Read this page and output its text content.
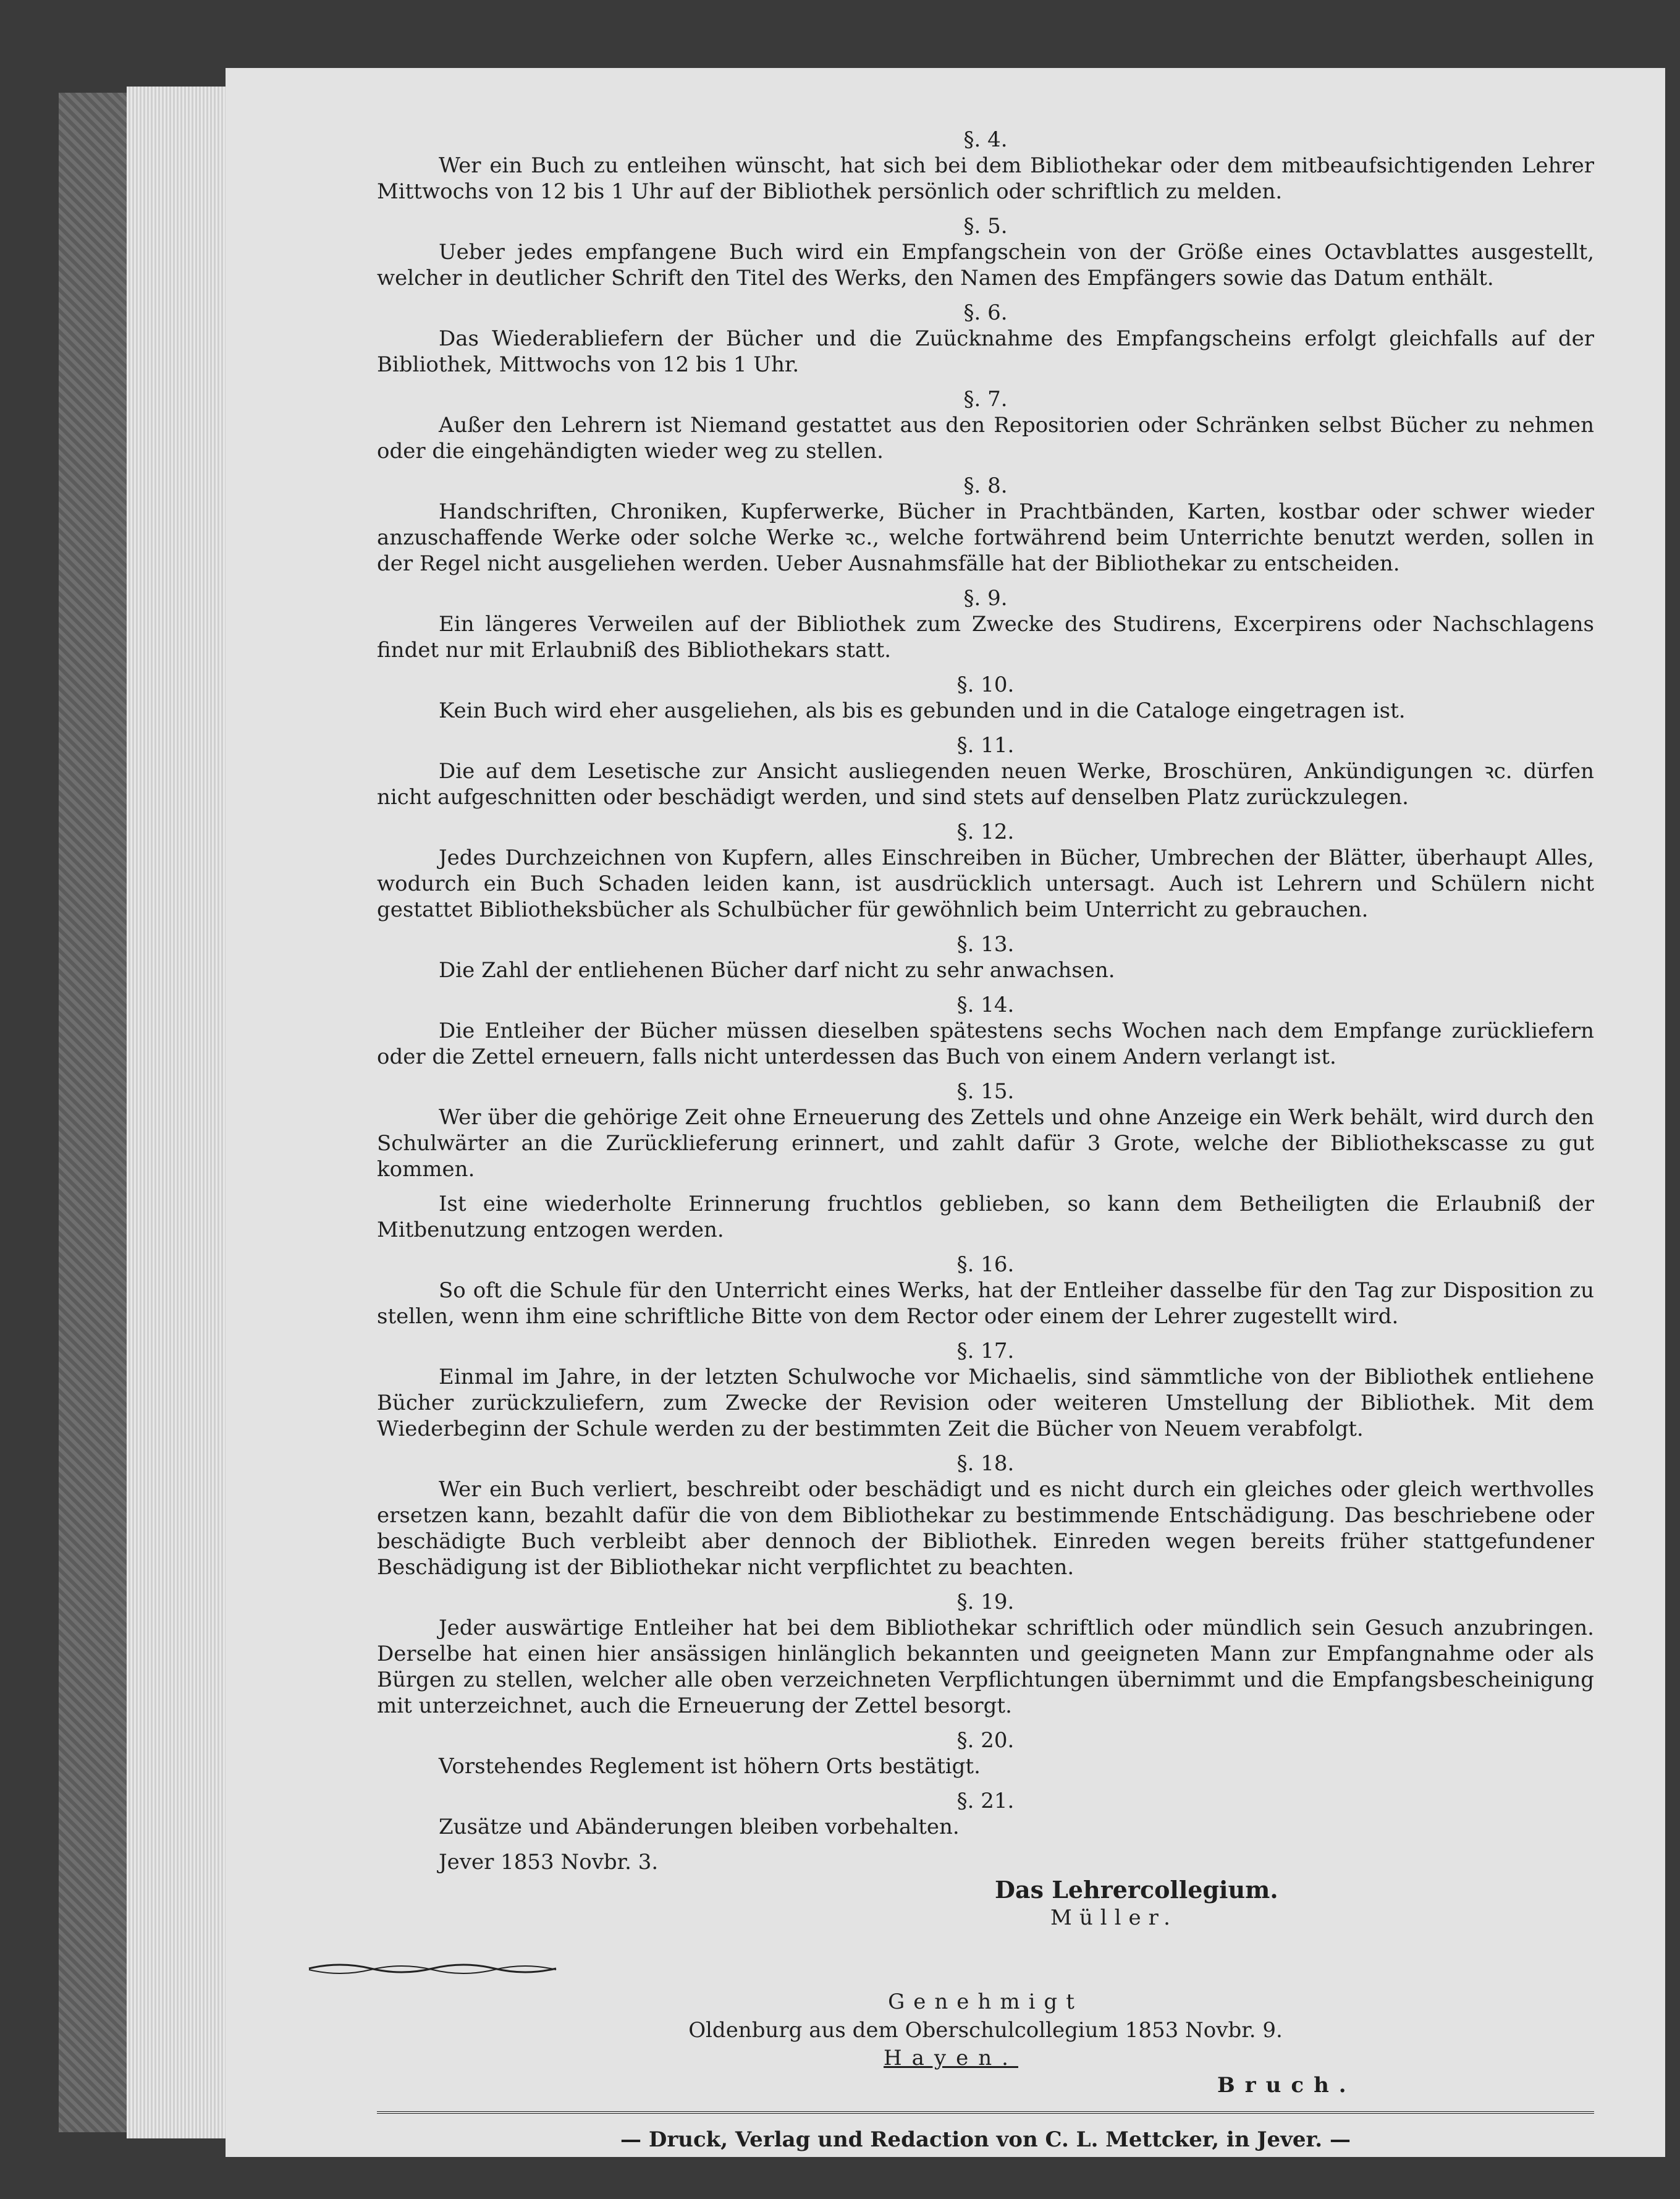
§. 4.

Wer ein Buch zu entleihen wünscht, hat sich bei dem Bibliothekar oder dem mitbeaufsichtigenden Lehrer Mittwochs von 12 bis 1 Uhr auf der Bibliothek persönlich oder schriftlich zu melden.

§. 5.

Ueber jedes empfangene Buch wird ein Empfangschein von der Größe eines Octavblattes ausgestellt, welcher in deutlicher Schrift den Titel des Werks, den Namen des Empfängers sowie das Datum enthält.

§. 6.

Das Wiederabliefern der Bücher und die Zuücknahme des Empfangscheins erfolgt gleichfalls auf der Bibliothek, Mittwochs von 12 bis 1 Uhr.

§. 7.

Außer den Lehrern ist Niemand gestattet aus den Repositorien oder Schränken selbst Bücher zu nehmen oder die eingehändigten wieder weg zu stellen.

§. 8.

Handschriften, Chroniken, Kupferwerke, Bücher in Prachtbänden, Karten, kostbar oder schwer wieder anzuschaffende Werke oder solche Werke ꝛc., welche fortwährend beim Unterrichte benutzt werden, sollen in der Regel nicht ausgeliehen werden. Ueber Ausnahmsfälle hat der Bibliothekar zu entscheiden.

§. 9.

Ein längeres Verweilen auf der Bibliothek zum Zwecke des Studirens, Excerpirens oder Nachschlagens findet nur mit Erlaubniß des Bibliothekars statt.

§. 10.

Kein Buch wird eher ausgeliehen, als bis es gebunden und in die Cataloge eingetragen ist.

§. 11.

Die auf dem Lesetische zur Ansicht ausliegenden neuen Werke, Broschüren, Ankündigungen ꝛc. dürfen nicht aufgeschnitten oder beschädigt werden, und sind stets auf denselben Platz zurückzulegen.

§. 12.

Jedes Durchzeichnen von Kupfern, alles Einschreiben in Bücher, Umbrechen der Blätter, überhaupt Alles, wodurch ein Buch Schaden leiden kann, ist ausdrücklich untersagt. Auch ist Lehrern und Schülern nicht gestattet Bibliotheksbücher als Schulbücher für gewöhnlich beim Unterricht zu gebrauchen.

§. 13.

Die Zahl der entliehenen Bücher darf nicht zu sehr anwachsen.

§. 14.

Die Entleiher der Bücher müssen dieselben spätestens sechs Wochen nach dem Empfange zurückliefern oder die Zettel erneuern, falls nicht unterdessen das Buch von einem Andern verlangt ist.

§. 15.

Wer über die gehörige Zeit ohne Erneuerung des Zettels und ohne Anzeige ein Werk behält, wird durch den Schulwärter an die Zurücklieferung erinnert, und zahlt dafür 3 Grote, welche der Bibliothekscasse zu gut kommen.

Ist eine wiederholte Erinnerung fruchtlos geblieben, so kann dem Betheiligten die Erlaubniß der Mitbenutzung entzogen werden.

§. 16.

So oft die Schule für den Unterricht eines Werks, hat der Entleiher dasselbe für den Tag zur Disposition zu stellen, wenn ihm eine schriftliche Bitte von dem Rector oder einem der Lehrer zugestellt wird.

§. 17.

Einmal im Jahre, in der letzten Schulwoche vor Michaelis, sind sämmtliche von der Bibliothek entliehene Bücher zurückzuliefern, zum Zwecke der Revision oder weiteren Umstellung der Bibliothek. Mit dem Wiederbeginn der Schule werden zu der bestimmten Zeit die Bücher von Neuem verabfolgt.

§. 18.

Wer ein Buch verliert, beschreibt oder beschädigt und es nicht durch ein gleiches oder gleich werthvolles ersetzen kann, bezahlt dafür die von dem Bibliothekar zu bestimmende Entschädigung. Das beschriebene oder beschädigte Buch verbleibt aber dennoch der Bibliothek. Einreden wegen bereits früher stattgefundener Beschädigung ist der Bibliothekar nicht verpflichtet zu beachten.

§. 19.

Jeder auswärtige Entleiher hat bei dem Bibliothekar schriftlich oder mündlich sein Gesuch anzubringen. Derselbe hat einen hier ansässigen hinlänglich bekannten und geeigneten Mann zur Empfangnahme oder als Bürgen zu stellen, welcher alle oben verzeichneten Verpflichtungen übernimmt und die Empfangsbescheinigung mit unterzeichnet, auch die Erneuerung der Zettel besorgt.

§. 20.

Vorstehendes Reglement ist höhern Orts bestätigt.

§. 21.

Zusätze und Abänderungen bleiben vorbehalten.

Jever 1853 Novbr. 3.
Das Lehrercollegium.
Müller.
Genehmigt
Oldenburg aus dem Oberschulcollegium 1853 Novbr. 9.
Hayen.
Bruch.
— Druck, Verlag und Redaction von C. L. Mettcker, in Jever. —
